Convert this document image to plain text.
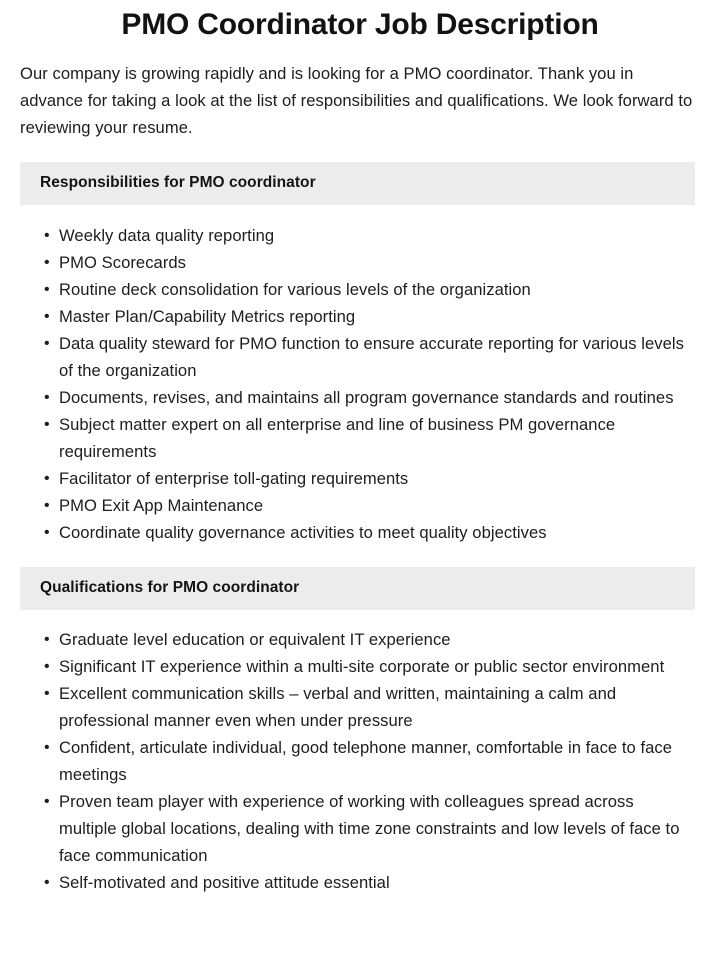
PMO Coordinator Job Description

Our company is growing rapidly and is looking for a PMO coordinator. Thank you in advance for taking a look at the list of responsibilities and qualifications. We look forward to reviewing your resume.

Responsibilities for PMO coordinator
• Weekly data quality reporting
• PMO Scorecards
• Routine deck consolidation for various levels of the organization
• Master Plan/Capability Metrics reporting
• Data quality steward for PMO function to ensure accurate reporting for various levels of the organization
• Documents, revises, and maintains all program governance standards and routines
• Subject matter expert on all enterprise and line of business PM governance requirements
• Facilitator of enterprise toll-gating requirements
• PMO Exit App Maintenance
• Coordinate quality governance activities to meet quality objectives
Qualifications for PMO coordinator
• Graduate level education or equivalent IT experience
• Significant IT experience within a multi-site corporate or public sector environment
• Excellent communication skills – verbal and written, maintaining a calm and professional manner even when under pressure
• Confident, articulate individual, good telephone manner, comfortable in face to face meetings
• Proven team player with experience of working with colleagues spread across multiple global locations, dealing with time zone constraints and low levels of face to face communication
• Self-motivated and positive attitude essential
